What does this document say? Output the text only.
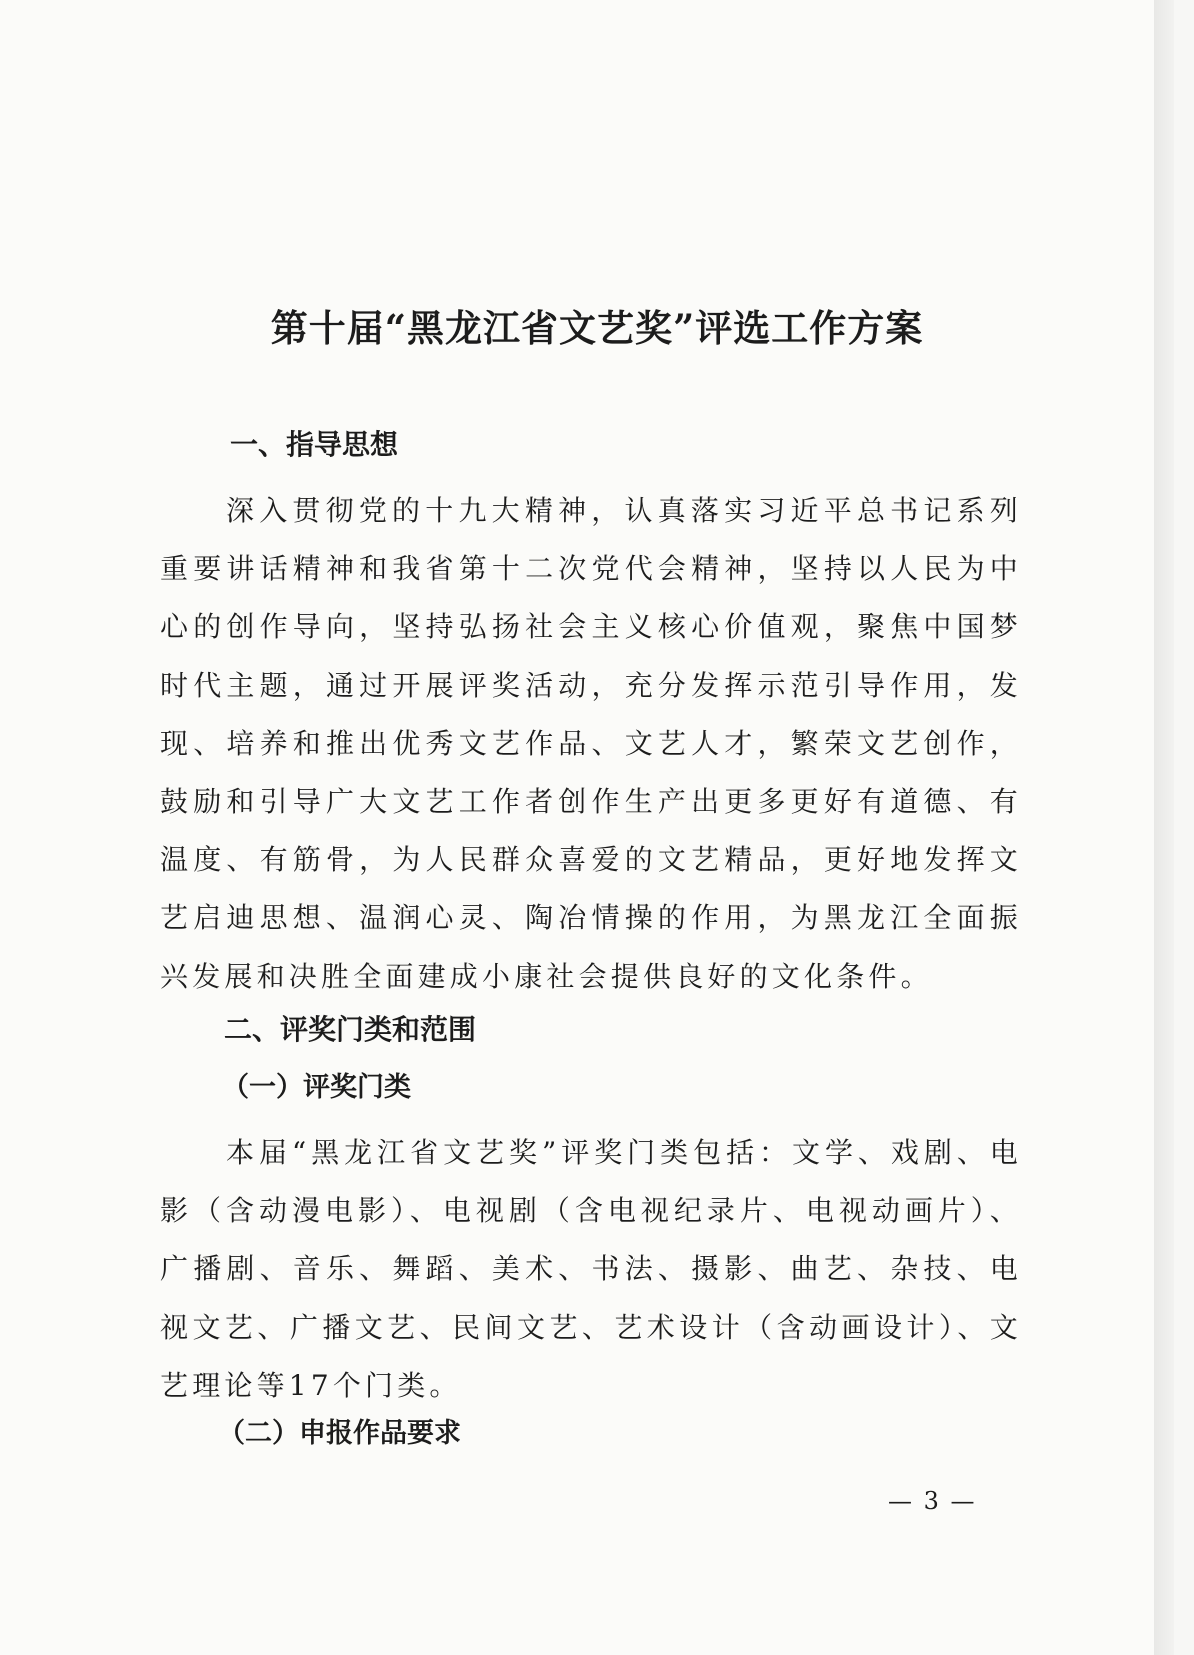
第十届“黑龙江省文艺奖”评选工作方案
一、指导思想

深入贯彻党的十九大精神，认真落实习近平总书记系列重要讲话精神和我省第十二次党代会精神，坚持以人民为中心的创作导向，坚持弘扬社会主义核心价值观，聚焦中国梦时代主题，通过开展评奖活动，充分发挥示范引导作用，发现、培养和推出优秀文艺作品、文艺人才，繁荣文艺创作，鼓励和引导广大文艺工作者创作生产出更多更好有道德、有温度、有筋骨，为人民群众喜爱的文艺精品，更好地发挥文艺启迪思想、温润心灵、陶冶情操的作用，为黑龙江全面振兴发展和决胜全面建成小康社会提供良好的文化条件。

二、评奖门类和范围
（一）评奖门类

本届“黑龙江省文艺奖”评奖门类包括：文学、戏剧、电影（含动漫电影）、电视剧（含电视纪录片、电视动画片）、广播剧、音乐、舞蹈、美术、书法、摄影、曲艺、杂技、电视文艺、广播文艺、民间文艺、艺术设计（含动画设计）、文艺理论等17个门类。

（二）申报作品要求

— 3 —
